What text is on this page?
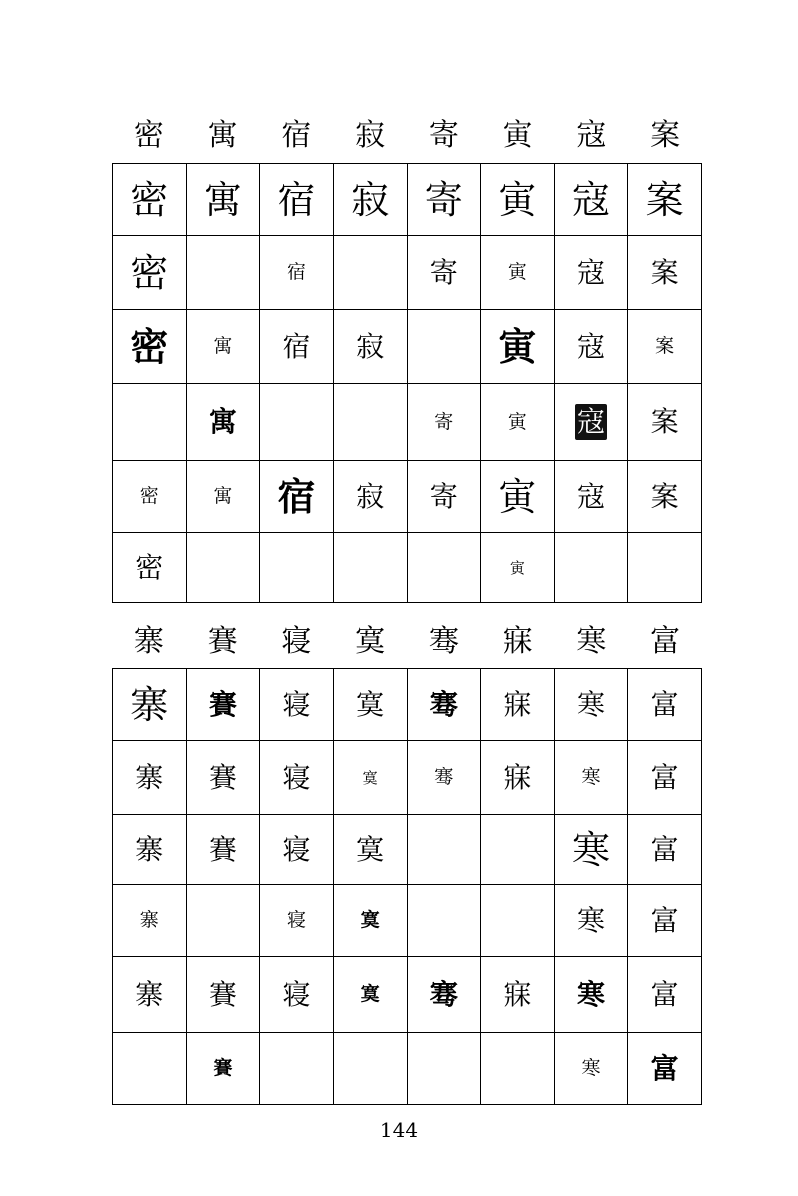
密	寓	宿	寂	寄	寅	寇	案
密	寓	宿	寂	寄	寅	寇	案
密		宿		寄	寅	寇	案
密	寓	宿	寂		寅	寇	案
	寓			寄	寅	寇	案
密	寓	宿	寂	寄	寅	寇	案
密					寅		
寨	賽	寝	寞	骞	寐	寒	富
寨	賽	寝	寞	骞	寐	寒	富
寨	賽	寝	寞	骞	寐	寒	富
寨	賽	寝	寞			寒	富
寨		寝	寞			寒	富
寨	賽	寝	寞	骞	寐	寒	富
	賽					寒	富
144
